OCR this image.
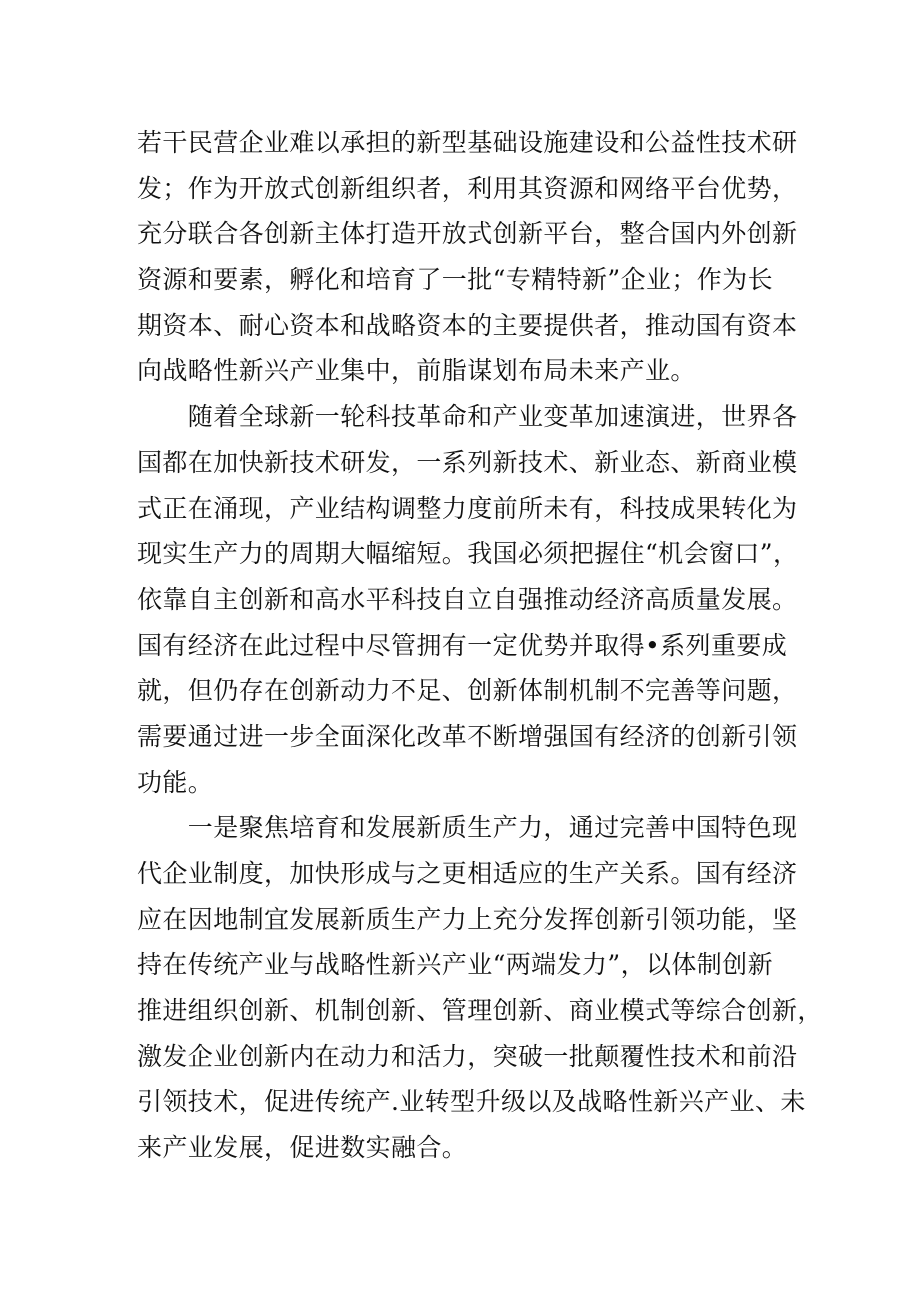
若干民营企业难以承担的新型基础设施建设和公益性技术研
发；作为开放式创新组织者，利用其资源和网络平台优势，
充分联合各创新主体打造开放式创新平台，整合国内外创新
资源和要素，孵化和培育了一批“专精特新”企业；作为长
期资本、耐心资本和战略资本的主要提供者，推动国有资本
向战略性新兴产业集中，前脂谋划布局未来产业。
　　随着全球新一轮科技革命和产业变革加速演进，世界各
国都在加快新技术研发，一系列新技术、新业态、新商业模
式正在涌现，产业结构调整力度前所未有，科技成果转化为
现实生产力的周期大幅缩短。我国必须把握住“机会窗口”，
依靠自主创新和高水平科技自立自强推动经济高质量发展。
国有经济在此过程中尽管拥有一定优势并取得•系列重要成
就，但仍存在创新动力不足、创新体制机制不完善等问题，
需要通过进一步全面深化改革不断增强国有经济的创新引领
功能。
　　一是聚焦培育和发展新质生产力，通过完善中国特色现
代企业制度，加快形成与之更相适应的生产关系。国有经济
应在因地制宜发展新质生产力上充分发挥创新引领功能，坚
持在传统产业与战略性新兴产业“两端发力”，以体制创新
推进组织创新、机制创新、管理创新、商业模式等综合创新，
激发企业创新内在动力和活力，突破一批颠覆性技术和前沿
引领技术，促进传统产.业转型升级以及战略性新兴产业、未
来产业发展，促进数实融合。
